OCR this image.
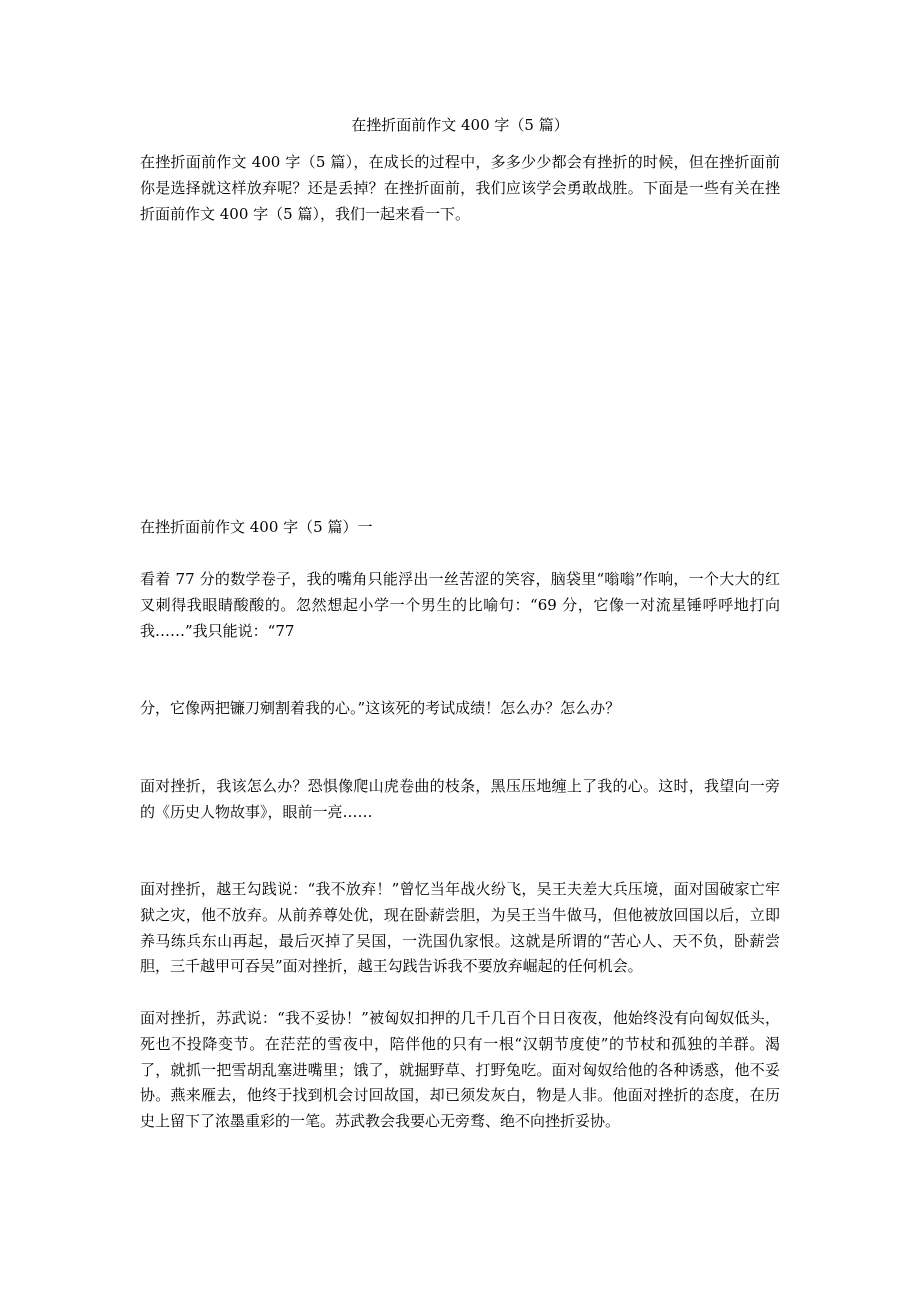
在挫折面前作文 400 字（5 篇）

在挫折面前作文 400 字（5 篇），在成长的过程中，多多少少都会有挫折的时候，但在挫折面前你是选择就这样放弃呢？还是丢掉？在挫折面前，我们应该学会勇敢战胜。下面是一些有关在挫折面前作文 400 字（5 篇），我们一起来看一下。

在挫折面前作文 400 字（5 篇）一

看着 77 分的数学卷子，我的嘴角只能浮出一丝苦涩的笑容，脑袋里“嗡嗡”作响，一个大大的红叉刺得我眼睛酸酸的。忽然想起小学一个男生的比喻句：“69 分，它像一对流星锤呼呼地打向我……”我只能说：“77

分，它像两把镰刀剜割着我的心。”这该死的考试成绩！怎么办？怎么办？

面对挫折，我该怎么办？恐惧像爬山虎卷曲的枝条，黑压压地缠上了我的心。这时，我望向一旁的《历史人物故事》，眼前一亮……

面对挫折，越王勾践说：“我不放弃！”曾忆当年战火纷飞，吴王夫差大兵压境，面对国破家亡牢狱之灾，他不放弃。从前养尊处优，现在卧薪尝胆，为吴王当牛做马，但他被放回国以后，立即养马练兵东山再起，最后灭掉了吴国，一洗国仇家恨。这就是所谓的“苦心人、天不负，卧薪尝胆，三千越甲可吞吴”面对挫折，越王勾践告诉我不要放弃崛起的任何机会。

面对挫折，苏武说：“我不妥协！”被匈奴扣押的几千几百个日日夜夜，他始终没有向匈奴低头，死也不投降变节。在茫茫的雪夜中，陪伴他的只有一根“汉朝节度使”的节杖和孤独的羊群。渴了，就抓一把雪胡乱塞进嘴里；饿了，就掘野草、打野兔吃。面对匈奴给他的各种诱惑，他不妥协。燕来雁去，他终于找到机会讨回故国，却已须发灰白，物是人非。他面对挫折的态度，在历史上留下了浓墨重彩的一笔。苏武教会我要心无旁骛、绝不向挫折妥协。
